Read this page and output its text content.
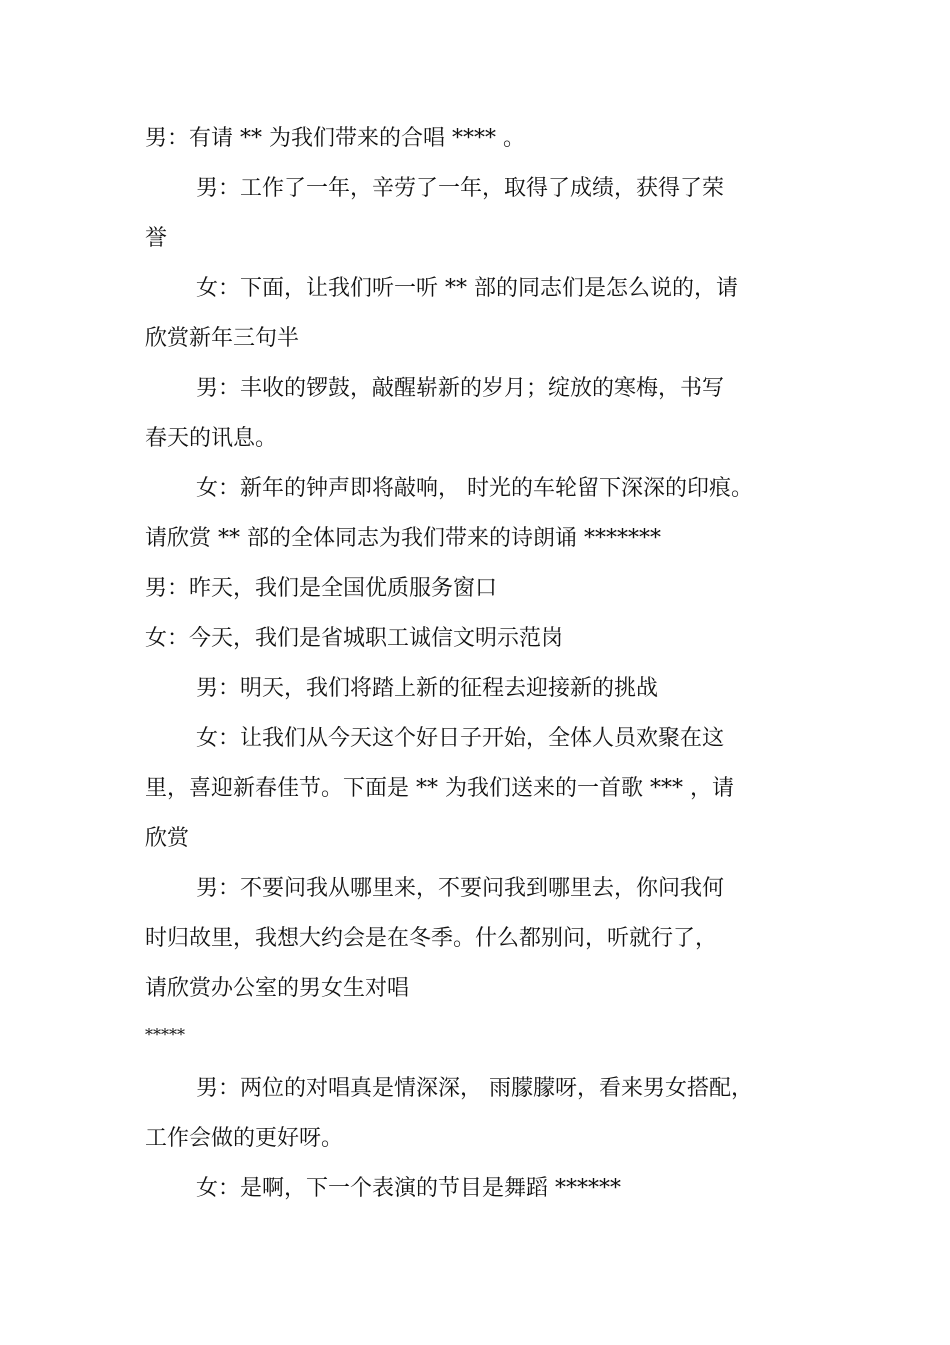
男：有请 ** 为我们带来的合唱 **** 。
男：工作了一年，辛劳了一年，取得了成绩，获得了荣
誉
女：下面，让我们听一听 ** 部的同志们是怎么说的，请
欣赏新年三句半
男：丰收的锣鼓，敲醒崭新的岁月；绽放的寒梅，书写
春天的讯息。
女：新年的钟声即将敲响， 时光的车轮留下深深的印痕。
请欣赏 ** 部的全体同志为我们带来的诗朗诵 *******
男：昨天，我们是全国优质服务窗口
女：今天，我们是省城职工诚信文明示范岗
男：明天，我们将踏上新的征程去迎接新的挑战
女：让我们从今天这个好日子开始，全体人员欢聚在这
里，喜迎新春佳节。下面是 ** 为我们送来的一首歌 *** ，请
欣赏
男：不要问我从哪里来，不要问我到哪里去，你问我何
时归故里，我想大约会是在冬季。什么都别问，听就行了，
请欣赏办公室的男女生对唱
*****
男：两位的对唱真是情深深， 雨朦朦呀，看来男女搭配，
工作会做的更好呀。
女：是啊，下一个表演的节目是舞蹈 ******
